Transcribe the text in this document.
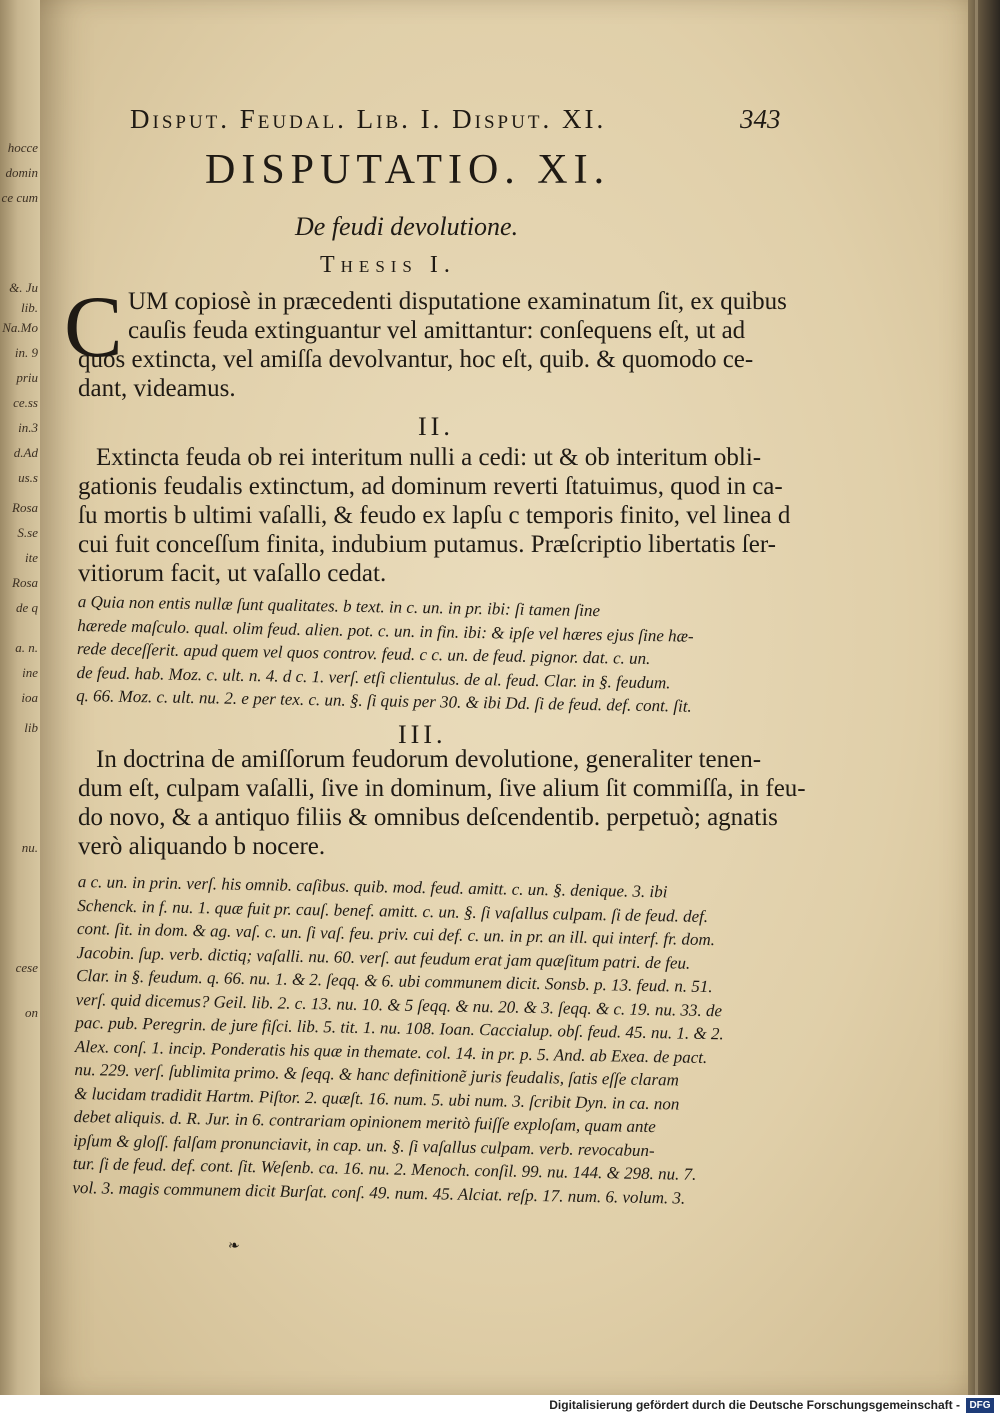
hocce
domin
ce cum
&. Ju
lib.
Na.Mo
in. 9
priu
ce.ss
in.3
d.Ad
us.s
Rosa
S.se
ite
Rosa
de q
a. n.
ine
ioa
lib
nu.
cese
on
Disput. Feudal. Lib. I. Disput. XI.	343
DISPUTATIO. XI.
De feudi devolutione.
Thesis I.
C UM copiosè in præcedenti disputatione examinatum ſit, ex quibus
cauſis feuda extinguantur vel amittantur: conſequens eſt, ut ad
quos extincta, vel amiſſa devolvantur, hoc eſt, quib. & quomodo ce-
dant, videamus.
II.
Extincta feuda ob rei interitum nulli a cedi: ut & ob interitum obli-
gationis feudalis extinctum, ad dominum reverti ſtatuimus, quod in ca-
ſu mortis b ultimi vaſalli, & feudo ex lapſu c temporis finito, vel linea d
cui fuit conceſſum finita, indubium putamus. Præſcriptio libertatis ſer-
vitiorum facit, ut vaſallo cedat.
a Quia non entis nullæ ſunt qualitates. b text. in c. un. in pr. ibi: ſi tamen ſine
hærede maſculo. qual. olim feud. alien. pot. c. un. in fin. ibi: & ipſe vel hæres ejus ſine hæ-
rede deceſſerit. apud quem vel quos controv. feud. c c. un. de feud. pignor. dat. c. un.
de feud. hab. Moz. c. ult. n. 4. d c. 1. verſ. etſi clientulus. de al. feud. Clar. in §. feudum.
q. 66. Moz. c. ult. nu. 2. e per tex. c. un. §. ſi quis per 30. & ibi Dd. ſi de feud. def. cont. ſit.
III.
In doctrina de amiſſorum feudorum devolutione, generaliter tenen-
dum eſt, culpam vaſalli, ſive in dominum, ſive alium ſit commiſſa, in feu-
do novo, & a antiquo filiis & omnibus deſcendentib. perpetuò; agnatis
verò aliquando b nocere.
a c. un. in prin. verſ. his omnib. caſibus. quib. mod. feud. amitt. c. un. §. denique. 3. ibi
Schenck. in f. nu. 1. quæ fuit pr. cauſ. benef. amitt. c. un. §. ſi vaſallus culpam. ſi de feud. def.
cont. ſit. in dom. & ag. vaſ. c. un. ſi vaſ. feu. priv. cui def. c. un. in pr. an ill. qui interf. fr. dom.
Jacobin. ſup. verb. dictiq; vaſalli. nu. 60. verſ. aut feudum erat jam quæſitum patri. de feu.
Clar. in §. feudum. q. 66. nu. 1. & 2. ſeqq. & 6. ubi communem dicit. Sonsb. p. 13. feud. n. 51.
verſ. quid dicemus? Geil. lib. 2. c. 13. nu. 10. & 5 ſeqq. & nu. 20. & 3. ſeqq. & c. 19. nu. 33. de
pac. pub. Peregrin. de jure fiſci. lib. 5. tit. 1. nu. 108. Ioan. Caccialup. obſ. feud. 45. nu. 1. & 2.
Alex. conſ. 1. incip. Ponderatis his quæ in themate. col. 14. in pr. p. 5. And. ab Exea. de pact.
nu. 229. verſ. ſublimita primo. & ſeqq. & hanc definitionẽ juris feudalis, ſatis eſſe claram
& lucidam tradidit Hartm. Piſtor. 2. quæſt. 16. num. 5. ubi num. 3. ſcribit Dyn. in ca. non
debet aliquis. d. R. Jur. in 6. contrariam opinionem meritò fuiſſe exploſam, quam ante
ipſum & gloſſ. falſam pronunciavit, in cap. un. §. ſi vaſallus culpam. verb. revocabun-
tur. ſi de feud. def. cont. ſit. Weſenb. ca. 16. nu. 2. Menoch. conſil. 99. nu. 144. & 298. nu. 7.
vol. 3. magis communem dicit Burſat. conſ. 49. num. 45. Alciat. reſp. 17. num. 6. volum. 3.
❧
Digitalisierung gefördert durch die Deutsche Forschungsgemeinschaft - DFG
